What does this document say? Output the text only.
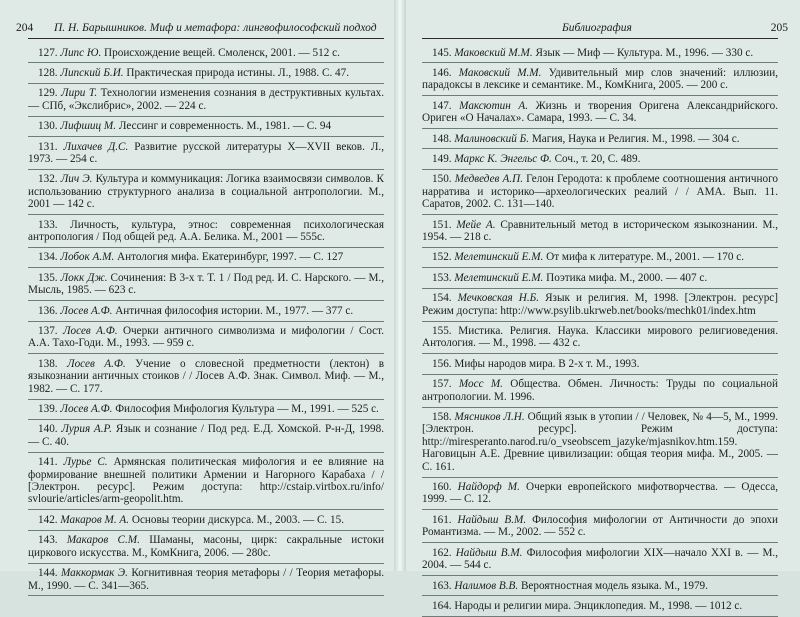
204 П. Н. Барышников. Миф и метафора: лингвофилософский подход
127. Липс Ю. Происхождение вещей. Смоленск, 2001. — 512 с.
128. Липский Б.И. Практическая природа истины. Л., 1988. С. 47.
129. Лири Т. Технологии изменения сознания в деструктивных культах. — СПб, «Экслибрис», 2002. — 224 с.
130. Лифшиц М. Лессинг и современность. М., 1981. — С. 94
131. Лихачев Д.С. Развитие русской литературы Х—XVII веков. Л., 1973. — 254 с.
132. Лич Э. Культура и коммуникация: Логика взаимосвязи символов. К использованию структурного анализа в социальной антропологии. М., 2001 — 142 с.
133. Личность, культура, этнос: современная психологическая антропология / Под общей ред. А.А. Белика. М., 2001 — 555с.
134. Лобок А.М. Антология мифа. Екатеринбург, 1997. — С. 127
135. Локк Дж. Сочинения: В 3-х т. Т. 1 / Под ред. И. С. Нарского. — М., Мысль, 1985. — 623 с.
136. Лосев А.Ф. Античная философия истории. М., 1977. — 377 с.
137. Лосев А.Ф. Очерки античного символизма и мифологии / Сост. А.А. Тахо-Годи. М., 1993. — 959 с.
138. Лосев А.Ф. Учение о словесной предметности (лектон) в языкознании античных стоиков / / Лосев А.Ф. Знак. Символ. Миф. — М., 1982. — С. 177.
139. Лосев А.Ф. Философия Мифология Культура — М., 1991. — 525 с.
140. Лурия А.Р. Язык и сознание / Под ред. Е.Д. Хомской. Р-н-Д, 1998. — С. 40.
141. Лурье С. Армянская политическая мифология и ее влияние на формирование внешней политики Армении и Нагорного Карабаха / / [Электрон. ресурс]. Режим доступа: http://cstaip.virtbox.ru/info/ svlourie/articles/arm-geopolit.htm.
142. Макаров М. А. Основы теории дискурса. М., 2003. — С. 15.
143. Макаров С.М. Шаманы, масоны, цирк: сакральные истоки циркового искусства. М., КомКнига, 2006. — 280с.
144. Маккормак Э. Когнитивная теория метафоры / / Теория метафоры. М., 1990. — С. 341—365.
Библиография	205
145. Маковский М.М. Язык — Миф — Культура. М., 1996. — 330 с.
146. Маковский М.М. Удивительный мир слов значений: иллюзии, парадоксы в лексике и семантике. М., КомКнига, 2005. — 200 с.
147. Максютин А. Жизнь и творения Оригена Александрийского. Ориген «О Началах». Самара, 1993. — С. 34.
148. Малиновский Б. Магия, Наука и Религия. М., 1998. — 304 с.
149. Маркс К. Энгельс Ф. Соч., т. 20, С. 489.
150. Медведев А.П. Гелон Геродота: к проблеме соотношения античного нарратива и историко—археологических реалий / / АМА. Вып. 11. Саратов, 2002. С. 131—140.
151. Мейе А. Сравнительный метод в историческом языкознании. М., 1954. — 218 с.
152. Мелетинский Е.М. От мифа к литературе. М., 2001. — 170 с.
153. Мелетинский Е.М. Поэтика мифа. М., 2000. — 407 с.
154. Мечковская Н.Б. Язык и религия. М, 1998. [Электрон. ресурс] Режим доступа: http://www.psylib.ukrweb.net/books/mechk01/index.htm
155. Мистика. Религия. Наука. Классики мирового религиоведения. Антология. — М., 1998. — 432 с.
156. Мифы народов мира. В 2-х т. М., 1993.
157. Мосс М. Общества. Обмен. Личность: Труды по социальной антропологии. М. 1996.
158. Мясников Л.Н. Общий язык в утопии / / Человек, № 4—5, М., 1999. [Электрон. ресурс]. Режим доступа: http://miresperanto.narod.ru/o_vseobscem_jazyke/mjasnikov.htm.159. Наговицын А.Е. Древние цивилизации: общая теория мифа. М., 2005. — С. 161.
160. Найдорф М. Очерки европейского мифотворчества. — Одесса, 1999. — С. 12.
161. Найдыш В.М. Философия мифологии от Античности до эпохи Романтизма. — М., 2002. — 552 с.
162. Найдыш В.М. Философия мифологии XIX—начало XXI в. — М., 2004. — 544 с.
163. Налимов В.В. Вероятностная модель языка. М., 1979.
164. Народы и религии мира. Энциклопедия. М., 1998. — 1012 с.
